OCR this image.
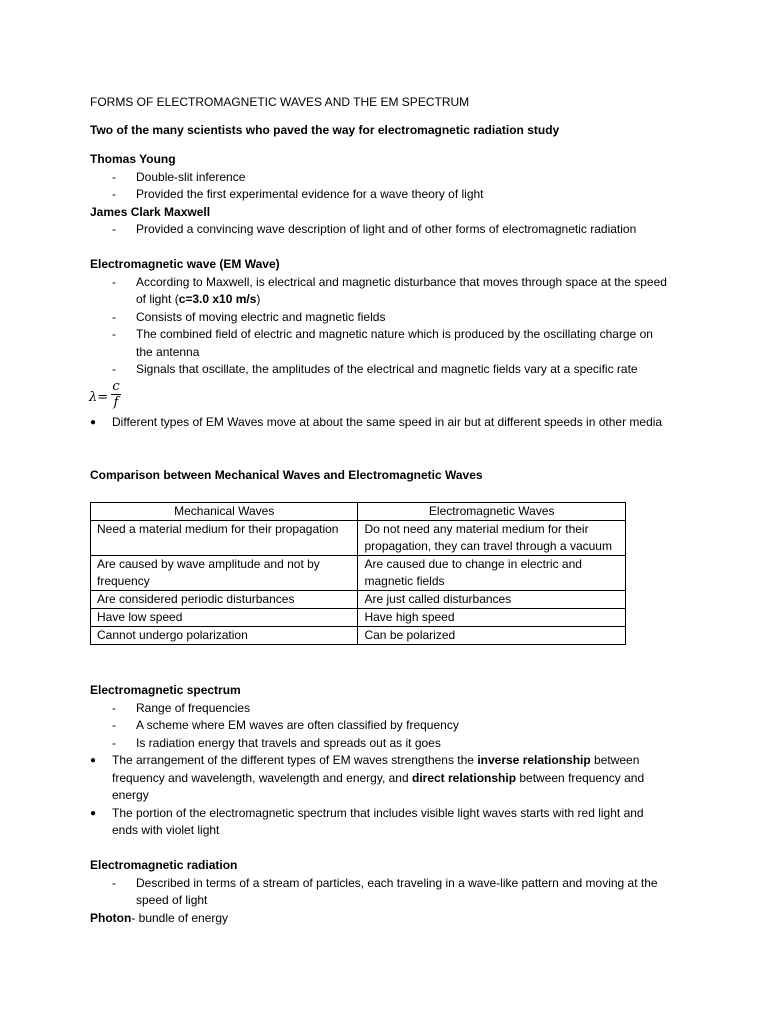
FORMS OF ELECTROMAGNETIC WAVES AND THE EM SPECTRUM
Two of the many scientists who paved the way for electromagnetic radiation study
Thomas Young
- Double-slit inference
- Provided the first experimental evidence for a wave theory of light
James Clark Maxwell
- Provided a convincing wave description of light and of other forms of electromagnetic radiation
Electromagnetic wave (EM Wave)
- According to Maxwell, is electrical and magnetic disturbance that moves through space at the speed of light (c=3.0 x10 m/s)
- Consists of moving electric and magnetic fields
- The combined field of electric and magnetic nature which is produced by the oscillating charge on the antenna
- Signals that oscillate, the amplitudes of the electrical and magnetic fields vary at a specific rate
λ=
c
f
● Different types of EM Waves move at about the same speed in air but at different speeds in other media
Comparison between Mechanical Waves and Electromagnetic Waves
Mechanical Waves	Electromagnetic Waves
Need a material medium for their propagation	Do not need any material medium for their propagation, they can travel through a vacuum
Are caused by wave amplitude and not by frequency	Are caused due to change in electric and magnetic fields
Are considered periodic disturbances	Are just called disturbances
Have low speed	Have high speed
Cannot undergo polarization	Can be polarized
Electromagnetic spectrum
- Range of frequencies
- A scheme where EM waves are often classified by frequency
- Is radiation energy that travels and spreads out as it goes
● The arrangement of the different types of EM waves strengthens the inverse relationship between frequency and wavelength, wavelength and energy, and direct relationship between frequency and energy
● The portion of the electromagnetic spectrum that includes visible light waves starts with red light and ends with violet light
Electromagnetic radiation
- Described in terms of a stream of particles, each traveling in a wave-like pattern and moving at the speed of light
Photon- bundle of energy
